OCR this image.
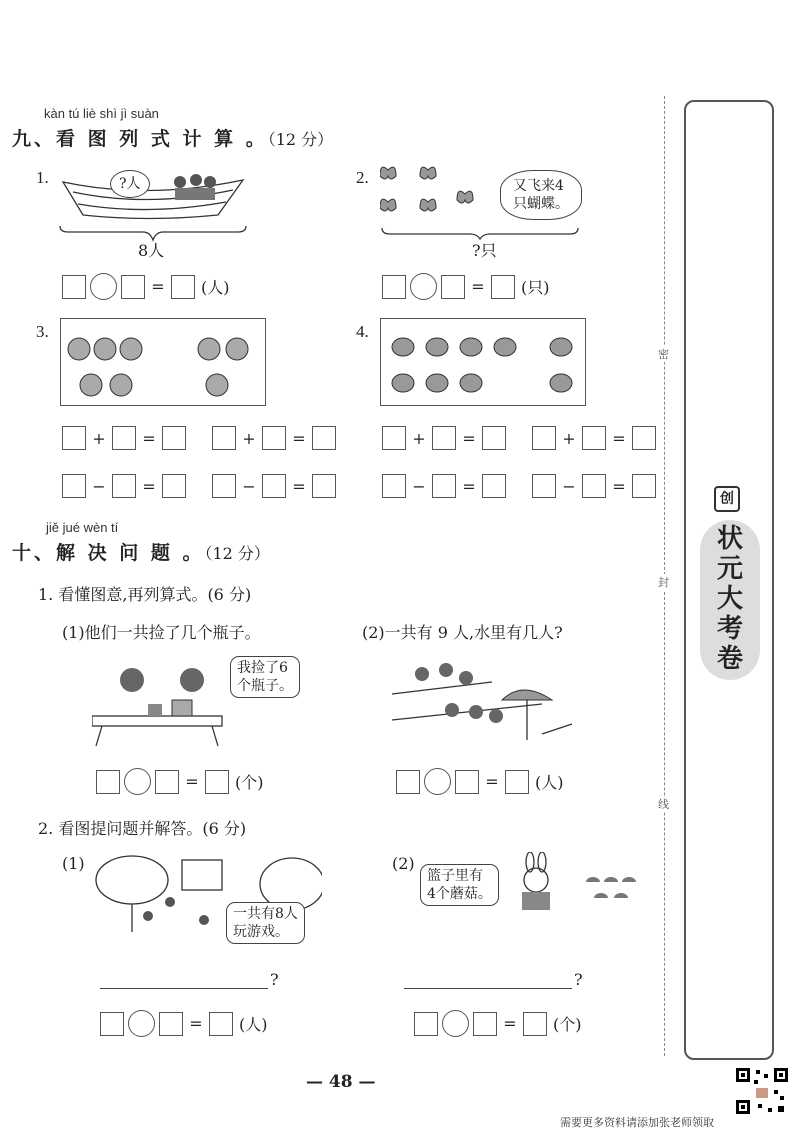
kàn tú liè shì jì suàn
九、看 图 列 式 计 算 。（12 分）
1.	?人
8人
= (人)
2.	又飞来4
只蝴蝶。
?只
= (只)
3.
+ =	+ =
− =	− =
4.
+ =	+ =
− =	− =
jiě jué wèn tí
十、解 决 问 题 。（12 分）
1. 看懂图意,再列算式。(6 分)
(1)他们一共捡了几个瓶子。	(2)一共有 9 人,水里有几人?
我捡了6
个瓶子。
= (个)	= (人)
2. 看图提问题并解答。(6 分)
(1)
一共有8人
玩游戏。
(2)
篮子里有
4个蘑菇。
?	?
= (人)	= (个)
密
封
线
创
状元大考卷
— 48 —
需要更多资料请添加张老师领取
